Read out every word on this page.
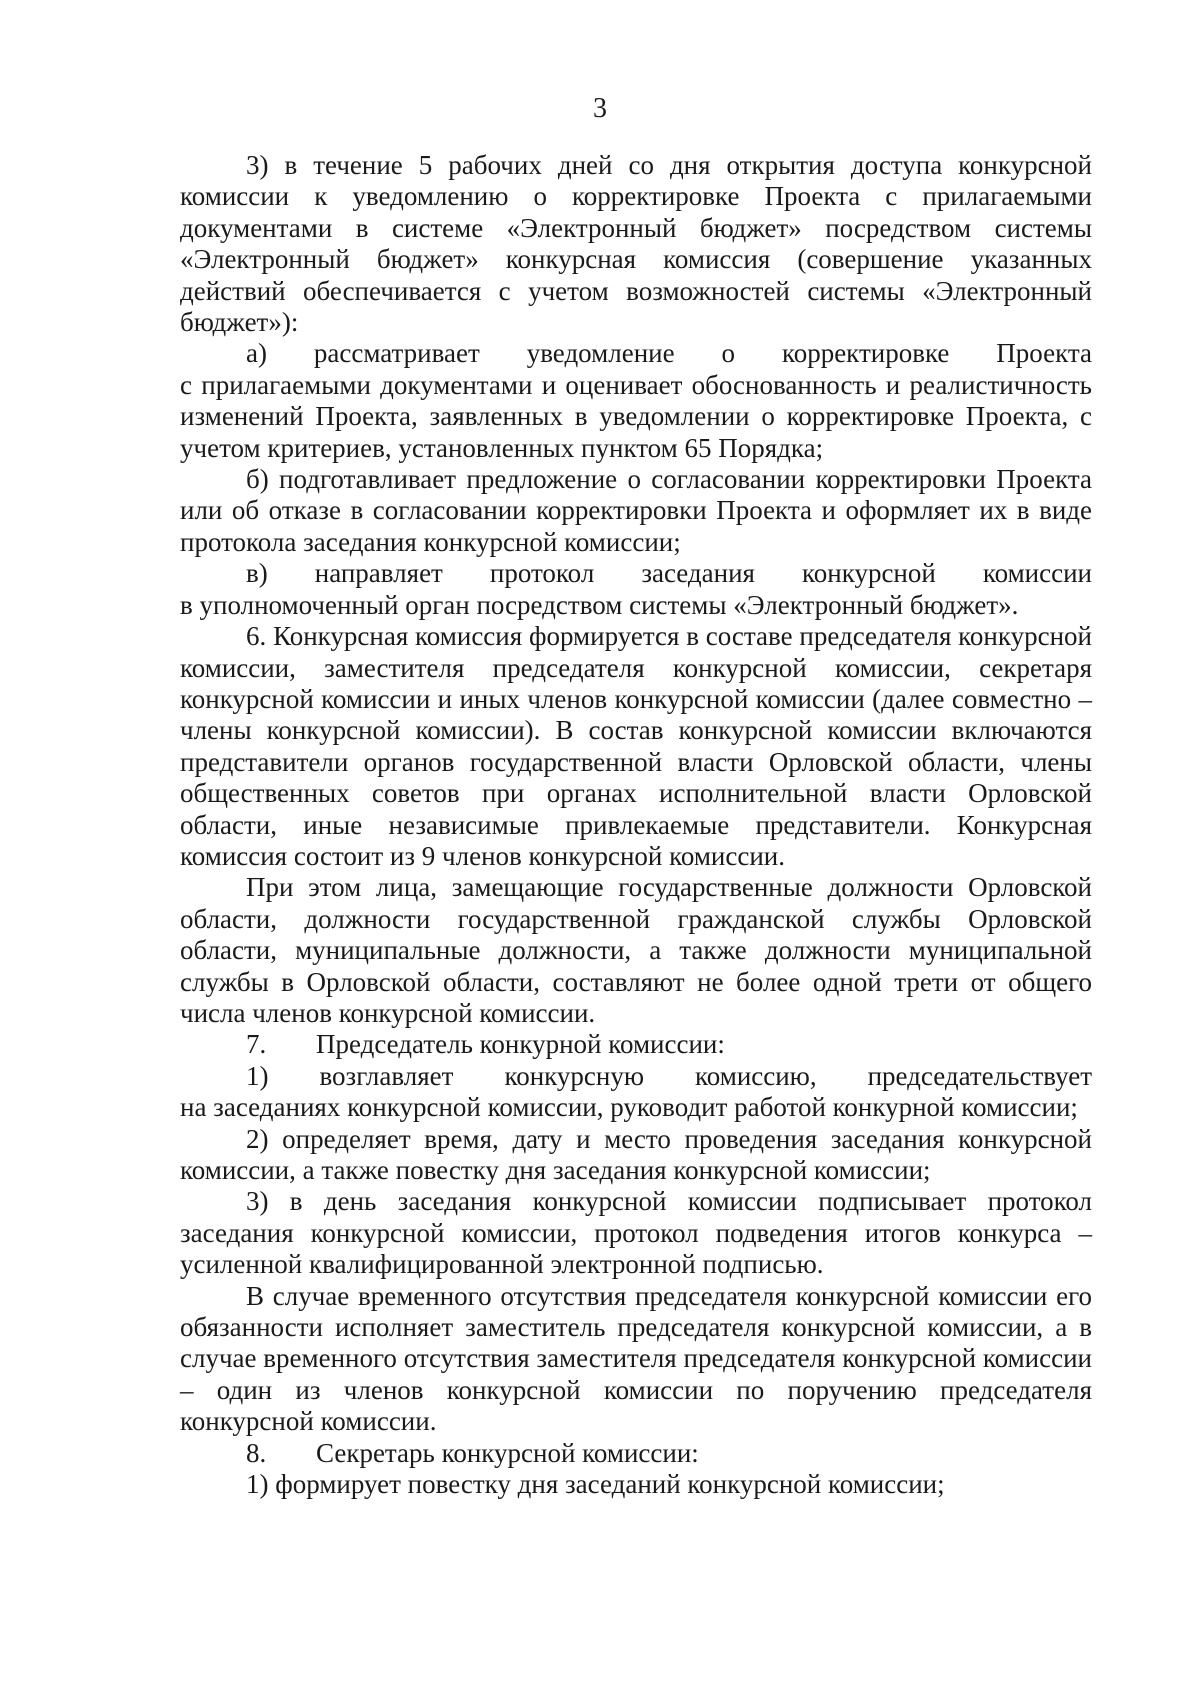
3

3) в течение 5 рабочих дней со дня открытия доступа конкурсной комиссии к уведомлению о корректировке Проекта с прилагаемыми документами в системе «Электронный бюджет» посредством системы «Электронный бюджет» конкурсная комиссия (совершение указанных действий обеспечивается с учетом возможностей системы «Электронный бюджет»):

а) рассматривает уведомление о корректировке Проекта

с прилагаемыми документами и оценивает обоснованность и реалистичность изменений Проекта, заявленных в уведомлении о корректировке Проекта, с учетом критериев, установленных пунктом 65 Порядка;

б) подготавливает предложение о согласовании корректировки Проекта или об отказе в согласовании корректировки Проекта и оформляет их в виде протокола заседания конкурсной комиссии;

в) направляет протокол заседания конкурсной комиссии

в уполномоченный орган посредством системы «Электронный бюджет».

6. Конкурсная комиссия формируется в составе председателя конкурсной комиссии, заместителя председателя конкурсной комиссии, секретаря конкурсной комиссии и иных членов конкурсной комиссии (далее совместно – члены конкурсной комиссии). В состав конкурсной комиссии включаются представители органов государственной власти Орловской области, члены общественных советов при органах исполнительной власти Орловской области, иные независимые привлекаемые представители. Конкурсная комиссия состоит из 9 членов конкурсной комиссии.

При этом лица, замещающие государственные должности Орловской области, должности государственной гражданской службы Орловской области, муниципальные должности, а также должности муниципальной службы в Орловской области, составляют не более одной трети от общего числа членов конкурсной комиссии.

7.	Председатель конкурной комиссии:

1) возглавляет конкурсную комиссию, председательствует

на заседаниях конкурсной комиссии, руководит работой конкурной комиссии;

2) определяет время, дату и место проведения заседания конкурсной комиссии, а также повестку дня заседания конкурсной комиссии;

3) в день заседания конкурсной комиссии подписывает протокол заседания конкурсной комиссии, протокол подведения итогов конкурса – усиленной квалифицированной электронной подписью.

В случае временного отсутствия председателя конкурсной комиссии его обязанности исполняет заместитель председателя конкурсной комиссии, а в случае временного отсутствия заместителя председателя конкурсной комиссии – один из членов конкурсной комиссии по поручению председателя конкурсной комиссии.

8.	Секретарь конкурсной комиссии:

1) формирует повестку дня заседаний конкурсной комиссии;
